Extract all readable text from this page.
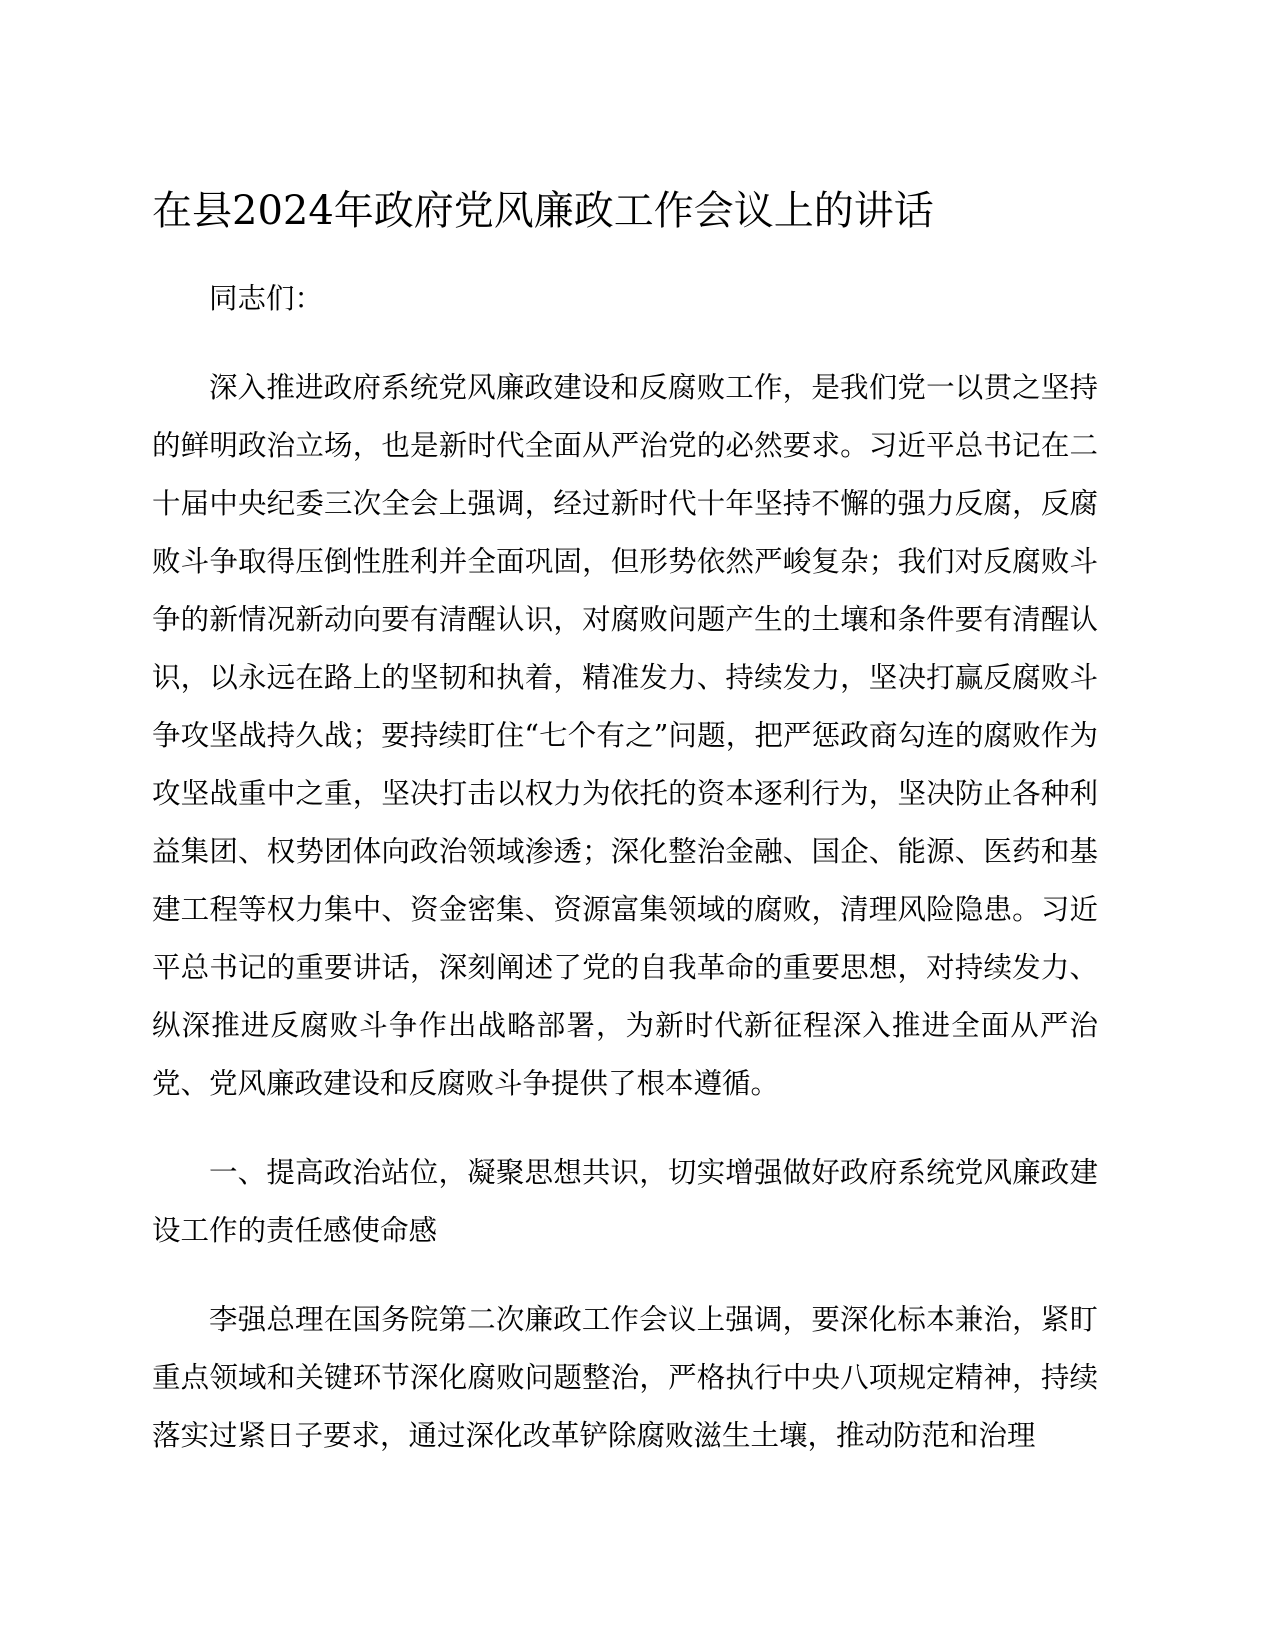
在县2024年政府党风廉政工作会议上的讲话

同志们：

深入推进政府系统党风廉政建设和反腐败工作，是我们党一以贯之坚持的鲜明政治立场，也是新时代全面从严治党的必然要求。习近平总书记在二十届中央纪委三次全会上强调，经过新时代十年坚持不懈的强力反腐，反腐败斗争取得压倒性胜利并全面巩固，但形势依然严峻复杂；我们对反腐败斗争的新情况新动向要有清醒认识，对腐败问题产生的土壤和条件要有清醒认识，以永远在路上的坚韧和执着，精准发力、持续发力，坚决打赢反腐败斗争攻坚战持久战；要持续盯住“七个有之”问题，把严惩政商勾连的腐败作为攻坚战重中之重，坚决打击以权力为依托的资本逐利行为，坚决防止各种利益集团、权势团体向政治领域渗透；深化整治金融、国企、能源、医药和基建工程等权力集中、资金密集、资源富集领域的腐败，清理风险隐患。习近平总书记的重要讲话，深刻阐述了党的自我革命的重要思想，对持续发力、纵深推进反腐败斗争作出战略部署，为新时代新征程深入推进全面从严治党、党风廉政建设和反腐败斗争提供了根本遵循。

一、提高政治站位，凝聚思想共识，切实增强做好政府系统党风廉政建设工作的责任感使命感

李强总理在国务院第二次廉政工作会议上强调，要深化标本兼治，紧盯重点领域和关键环节深化腐败问题整治，严格执行中央八项规定精神，持续落实过紧日子要求，通过深化改革铲除腐败滋生土壤，推动防范和治理
